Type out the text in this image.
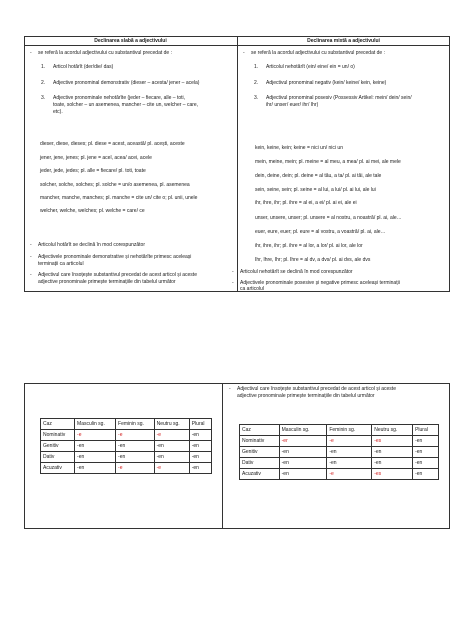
Declinarea slabă a adjectivului	Declinarea mixtă a adjectivului
- se referă la acordul adjectivului cu substantivul precedat de :
1. Articol hotărît (der/die/ das)
2. Adjective pronominal demonstrativ (dieser – acesta/ jener – acela)
3. Adjective pronominale nehotărîte (jeder – fiecare, alle – toti,
toate, solcher – un asemenea, mancher – cite un, welcher – care,
etc).
dieser, diese, dieses; pl. diese = acest, această/ pl. acești, aceste
jener, jene, jenes; pl. jene = acel, acea/ acei, acele
jeder, jede, jedes; pl. alle = fiecare/ pl. toti, toate
solcher, solche, solches; pl. solche = un/o asemenea, pl. asemenea
mancher, manche, manches; pl. manche = cite un/ cite o; pl. unii, unele
welcher, welche, welches; pl. welche = care/ ce
- Articolul hotărît se declină în mod corespunzător
- Adjectivele pronominale demonstrative și nehotărîte primesc aceleași
terminații ca articolul
- Adjectivul care însoțește substantivul precedat de acest articol și aceste
adjective pronominale primește terminațiile din tabelul următor
- se referă la acordul adjectivului cu substantivul precedat de :
1. Articolul nehotărît (ein/ eine/ ein = un/ o)
2. Adjectivul pronominal negativ (kein/ keine/ kein, keine)
3. Adjectivul pronominal posesiv (Possessiv Artikel: mein/ dein/ sein/
ihr/ unser/ euer/ ihr/ Ihr)
kein, keine, kein; keine = nici un/ nici un
mein, meine, mein; pl. meine = al meu, a mea/ pl. ai mei, ale mele
dein, deine, dein; pl. deine = al tău, a ta/ pl. ai tăi, ale tale
sein, seine, sein; pl. seine = al lui, a lui/ pl. ai lui, ale lui
ihr, ihre, ihr; pl. ihre = al ei, a ei/ pl. ai ei, ale ei
unser, unsere, unser; pl. unsere = al nostru, a noastră/ pl. ai, ale…
euer, eure, euer; pl. eure = al vostru, a voastră/ pl. ai, ale…
ihr, ihre, ihr; pl. ihre = al lor, a lor/ pl. ai lor, ale lor
Ihr, Ihre, Ihr; pl. Ihre = al dv, a dvs/ pl. ai dvs, ale dvs
- Articolul nehotărît se declină în mod corespunzător
- Adjectivele pronominale posesive și negative primesc aceleași terminații
ca articolul
- Adjectivul care însoțește substantivul precedat de acest articol și aceste
adjective pronominale primește terminațiile din tabelul următor
Caz	Masculin sg.	Feminin sg.	Neutru sg.	Plural
Nominativ	-e	-e	-e	-en
Genitiv	-en	-en	-en	-en
Dativ	-en	-en	-en	-en
Acuzativ	-en	-e	-e	-en
Caz	Masculin sg.	Feminin sg.	Neutru sg.	Plural
Nominativ	-er	-e	-es	-en
Genitiv	-en	-en	-en	-en
Dativ	-en	-en	-en	-en
Acuzativ	-en	-e	-es	-en
